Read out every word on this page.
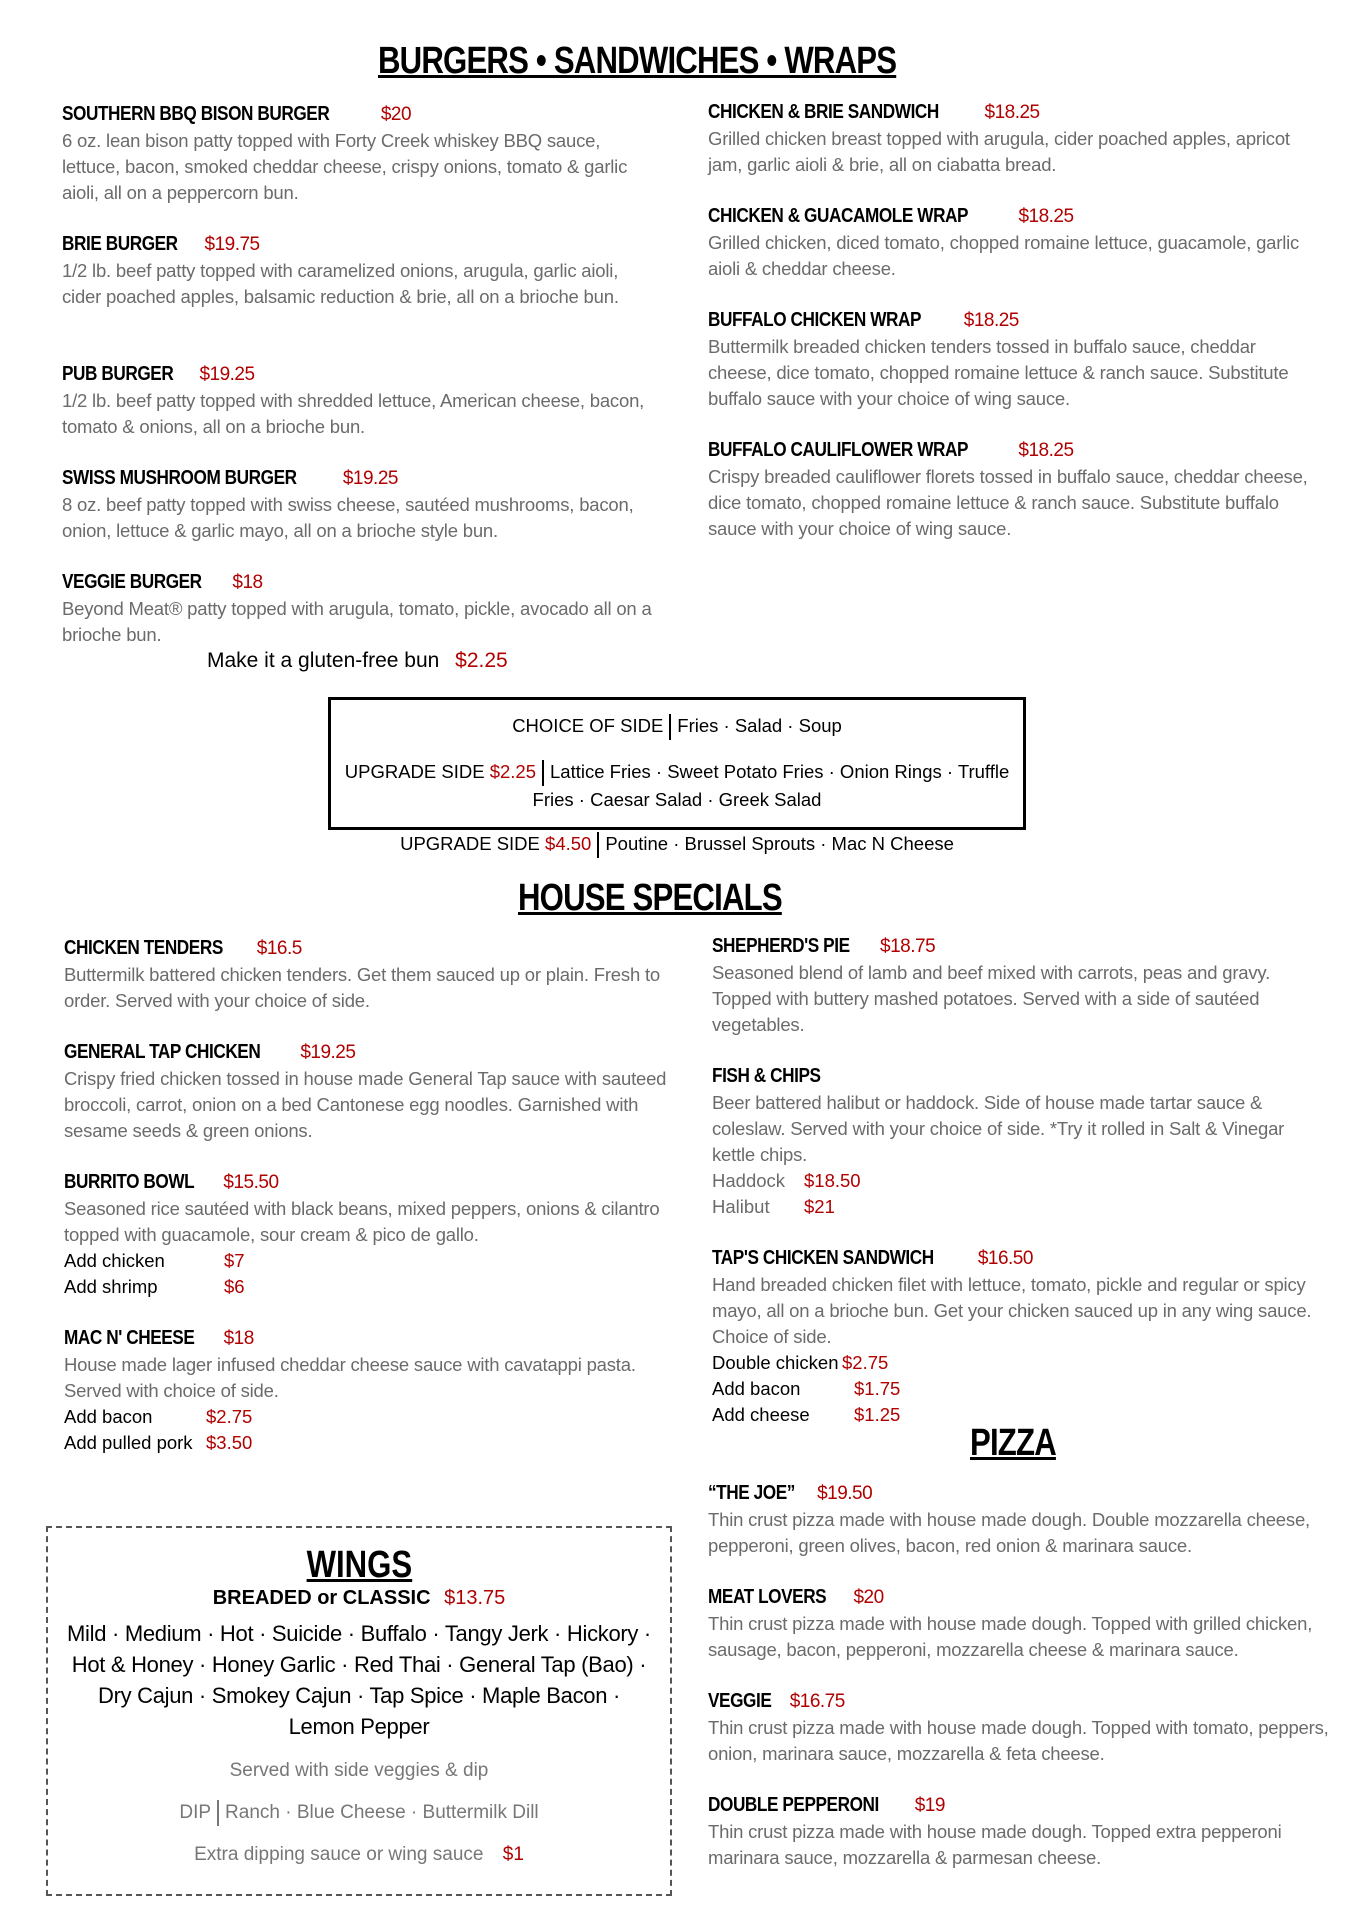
BURGERS • SANDWICHES • WRAPS
HOUSE SPECIALS
PIZZA
SOUTHERN BBQ BISON BURGER	$20
6 oz. lean bison patty topped with Forty Creek whiskey BBQ sauce, lettuce, bacon, smoked cheddar cheese, crispy onions, tomato & garlic aioli, all on a peppercorn bun.
BRIE BURGER $19.75
1/2 lb. beef patty topped with caramelized onions, arugula, garlic aioli, cider poached apples, balsamic reduction & brie, all on a brioche bun.
PUB BURGER $19.25
1/2 lb. beef patty topped with shredded lettuce, American cheese, bacon, tomato & onions, all on a brioche bun.
SWISS MUSHROOM BURGER $19.25
8 oz. beef patty topped with swiss cheese, sautéed mushrooms, bacon, onion, lettuce & garlic mayo, all on a brioche style bun.
VEGGIE BURGER $18
Beyond Meat® patty topped with arugula, tomato, pickle, avocado all on a brioche bun.
CHICKEN & BRIE SANDWICH $18.25
Grilled chicken breast topped with arugula, cider poached apples, apricot jam, garlic aioli & brie, all on ciabatta bread.
CHICKEN & GUACAMOLE WRAP	$18.25
Grilled chicken, diced tomato, chopped romaine lettuce, guacamole, garlic aioli & cheddar cheese.
BUFFALO CHICKEN WRAP $18.25
Buttermilk breaded chicken tenders tossed in buffalo sauce, cheddar cheese, dice tomato, chopped romaine lettuce & ranch sauce. Substitute buffalo sauce with your choice of wing sauce.
BUFFALO CAULIFLOWER WRAP	$18.25
Crispy breaded cauliflower florets tossed in buffalo sauce, cheddar cheese, dice tomato, chopped romaine lettuce & ranch sauce. Substitute buffalo sauce with your choice of wing sauce.
CHICKEN TENDERS $16.5
Buttermilk battered chicken tenders. Get them sauced up or plain. Fresh to order. Served with your choice of side.
GENERAL TAP CHICKEN $19.25
Crispy fried chicken tossed in house made General Tap sauce with sauteed broccoli, carrot, onion on a bed Cantonese egg noodles. Garnished with sesame seeds & green onions.
BURRITO BOWL $15.50
Seasoned rice sautéed with black beans, mixed peppers, onions & cilantro topped with guacamole, sour cream & pico de gallo.
Add chicken	$7
Add shrimp	$6
MAC N' CHEESE $18
House made lager infused cheddar cheese sauce with cavatappi pasta. Served with choice of side.
Add bacon	$2.75
Add pulled pork $3.50
SHEPHERD'S PIE $18.75
Seasoned blend of lamb and beef mixed with carrots, peas and gravy. Topped with buttery mashed potatoes. Served with a side of sautéed vegetables.
FISH & CHIPS
Beer battered halibut or haddock. Side of house made tartar sauce & coleslaw. Served with your choice of side. *Try it rolled in Salt & Vinegar kettle chips.
Haddock $18.50
Halibut $21
TAP'S CHICKEN SANDWICH $16.50
Hand breaded chicken filet with lettuce, tomato, pickle and regular or spicy mayo, all on a brioche bun. Get your chicken sauced up in any wing sauce. Choice of side.
Double chicken $2.75
Add bacon	$1.75
Add cheese $1.25
“THE JOE” $19.50
Thin crust pizza made with house made dough. Double mozzarella cheese, pepperoni, green olives, bacon, red onion & marinara sauce.
MEAT LOVERS $20
Thin crust pizza made with house made dough. Topped with grilled chicken, sausage, bacon, pepperoni, mozzarella cheese & marinara sauce.
VEGGIE $16.75
Thin crust pizza made with house made dough. Topped with tomato, peppers, onion, marinara sauce, mozzarella & feta cheese.
DOUBLE PEPPERONI $19
Thin crust pizza made with house made dough. Topped extra pepperoni marinara sauce, mozzarella & parmesan cheese.
Make it a gluten-free bun $2.25
CHOICE OF SIDE Fries · Salad · Soup
UPGRADE SIDE $2.25 Lattice Fries · Sweet Potato Fries · Onion Rings · Truffle
Fries · Caesar Salad · Greek Salad
UPGRADE SIDE $4.50 Poutine · Brussel Sprouts · Mac N Cheese
WINGS
BREADED or CLASSIC $13.75
Mild · Medium · Hot · Suicide · Buffalo · Tangy Jerk · Hickory · Hot & Honey · Honey Garlic · Red Thai · General Tap (Bao) · Dry Cajun · Smokey Cajun · Tap Spice · Maple Bacon · Lemon Pepper
Served with side veggies & dip
DIP Ranch · Blue Cheese · Buttermilk Dill
Extra dipping sauce or wing sauce $1
